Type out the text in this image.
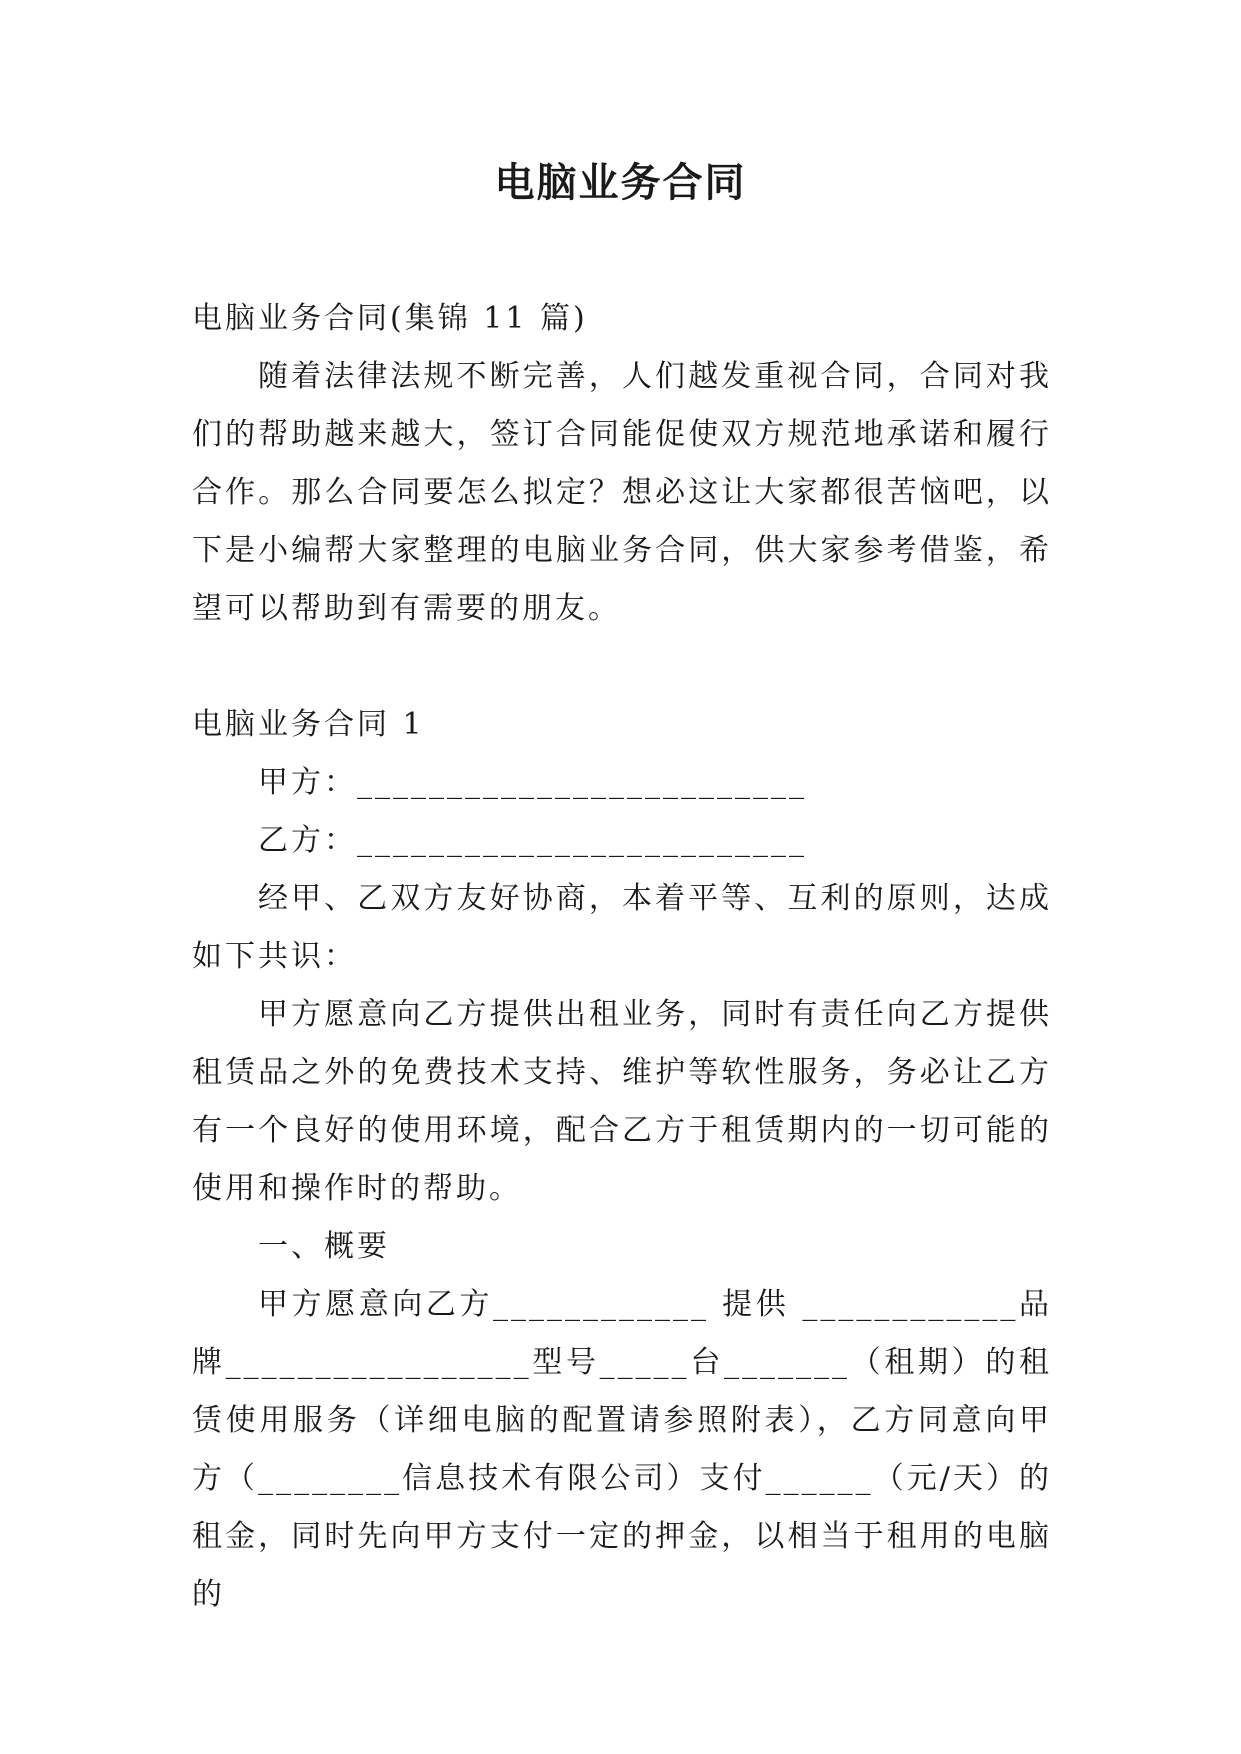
电脑业务合同

电脑业务合同(集锦 11 篇)

随着法律法规不断完善，人们越发重视合同，合同对我们的帮助越来越大，签订合同能促使双方规范地承诺和履行合作。那么合同要怎么拟定？想必这让大家都很苦恼吧，以下是小编帮大家整理的电脑业务合同，供大家参考借鉴，希望可以帮助到有需要的朋友。

电脑业务合同 1

甲方：_________________________

乙方：_________________________

经甲、乙双方友好协商，本着平等、互利的原则，达成如下共识：

甲方愿意向乙方提供出租业务，同时有责任向乙方提供租赁品之外的免费技术支持、维护等软性服务，务必让乙方有一个良好的使用环境，配合乙方于租赁期内的一切可能的使用和操作时的帮助。

一、概要

甲方愿意向乙方____________ 提供 ____________品牌_________________型号_____台_______（租期）的租赁使用服务（详细电脑的配置请参照附表），乙方同意向甲方（________信息技术有限公司）支付______（元/天）的租金，同时先向甲方支付一定的押金，以相当于租用的电脑的
